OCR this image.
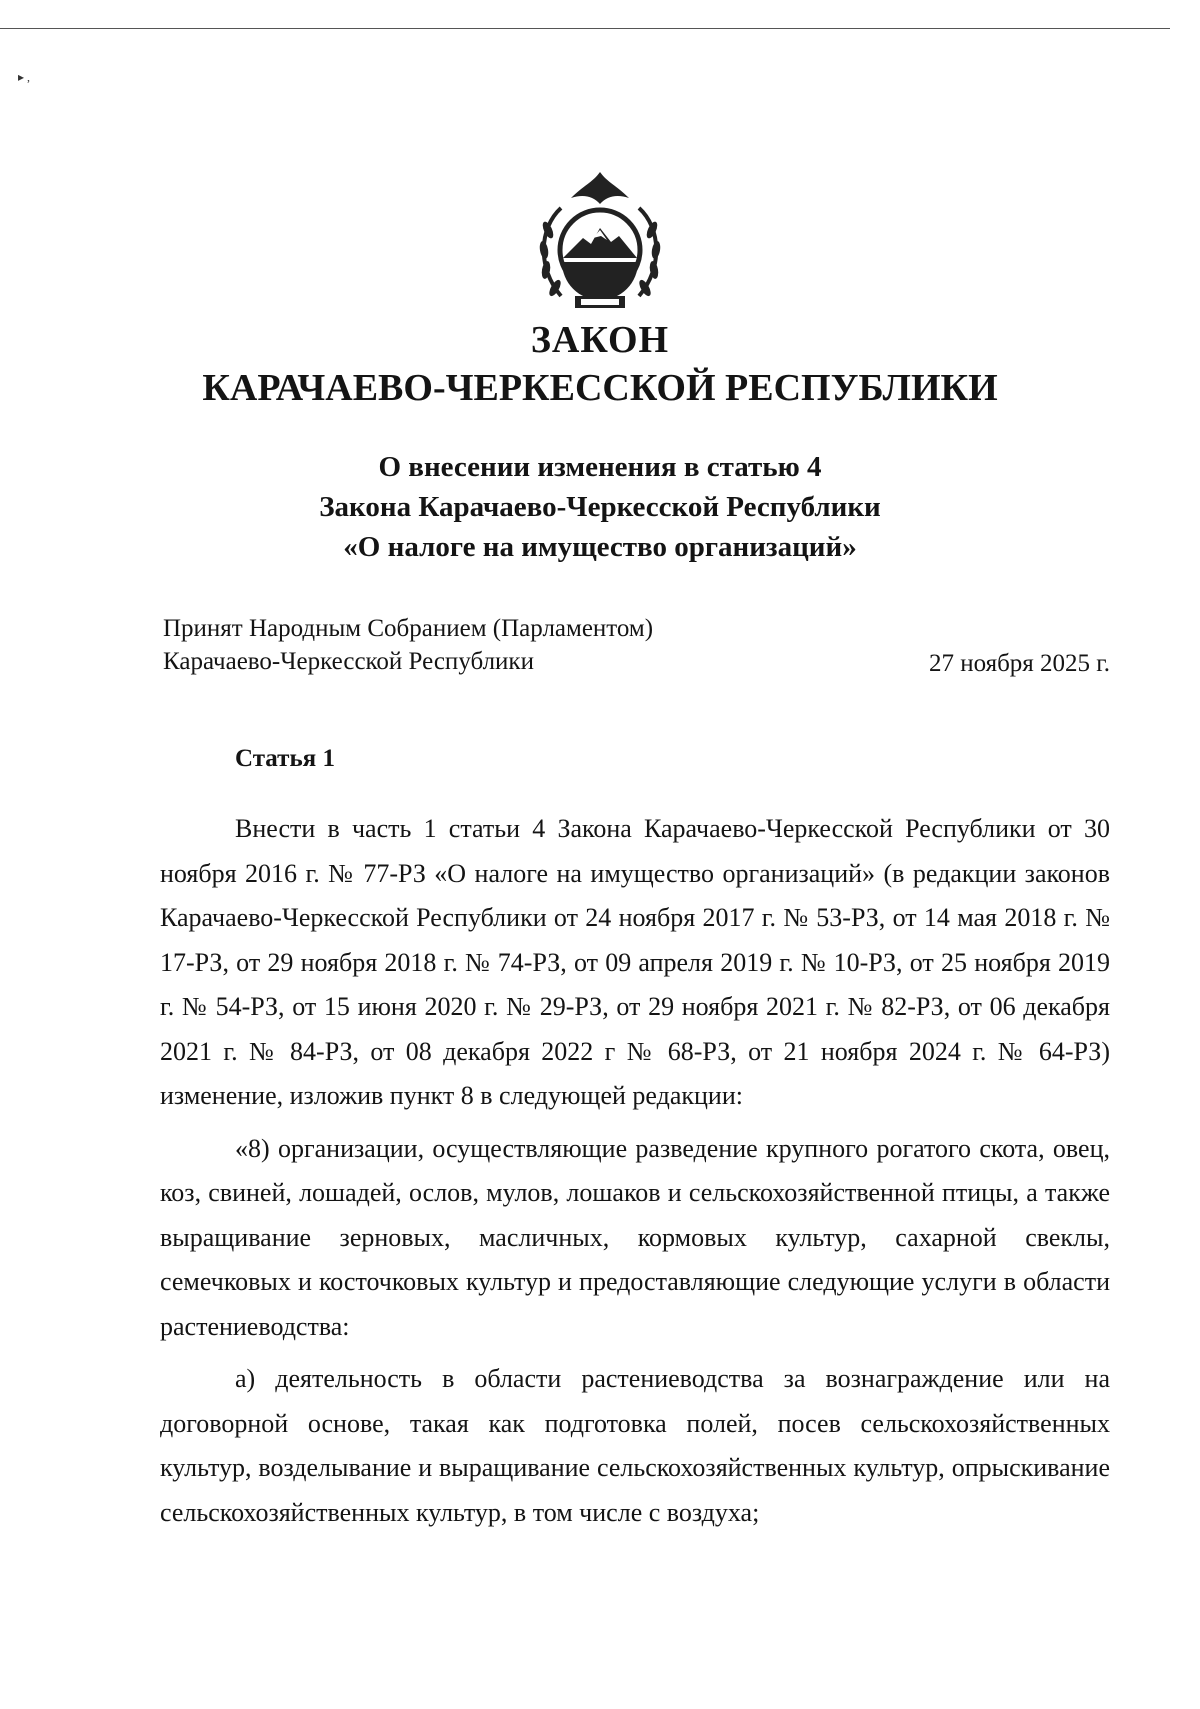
▸ ,
ЗАКОН
КАРАЧАЕВО-ЧЕРКЕССКОЙ РЕСПУБЛИКИ
О внесении изменения в статью 4
Закона Карачаево-Черкесской Республики
«О налоге на имущество организаций»
Принят Народным Собранием (Парламентом)
Карачаево-Черкесской Республики	27 ноября 2025 г.
Статья 1

Внести в часть 1 статьи 4 Закона Карачаево-Черкесской Республики от 30 ноября 2016 г. № 77-РЗ «О налоге на имущество организаций» (в редакции законов Карачаево-Черкесской Республики от 24 ноября 2017 г. № 53-РЗ, от 14 мая 2018 г. № 17-РЗ, от 29 ноября 2018 г. № 74-РЗ, от 09 апреля 2019 г. № 10-РЗ, от 25 ноября 2019 г. № 54-РЗ, от 15 июня 2020 г. № 29-РЗ, от 29 ноября 2021 г. № 82-РЗ, от 06 декабря 2021 г. № 84-РЗ, от 08 декабря 2022 г № 68-РЗ, от 21 ноября 2024 г. № 64-РЗ) изменение, изложив пункт 8 в следующей редакции:

«8) организации, осуществляющие разведение крупного рогатого скота, овец, коз, свиней, лошадей, ослов, мулов, лошаков и сельскохозяйственной птицы, а также выращивание зерновых, масличных, кормовых культур, сахарной свеклы, семечковых и косточковых культур и предоставляющие следующие услуги в области растениеводства:

а) деятельность в области растениеводства за вознаграждение или на договорной основе, такая как подготовка полей, посев сельскохозяйственных культур, возделывание и выращивание сельскохозяйственных культур, опрыскивание сельскохозяйственных культур, в том числе с воздуха;
